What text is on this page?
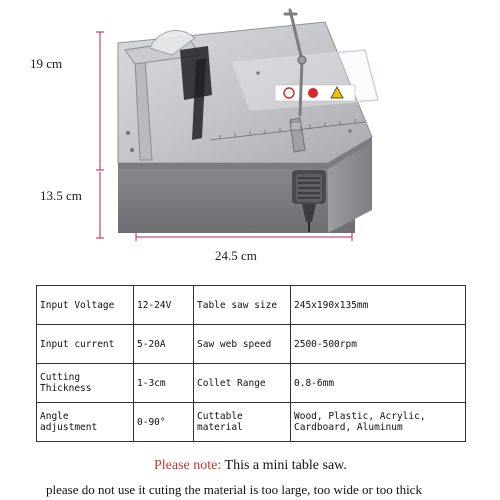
19 cm
13.5 cm
24.5 cm
Input Voltage	12-24V	Table saw size	245x190x135mm
Input current	5-20A	Saw web speed	2500-500rpm
Cutting Thickness	1-3cm	Collet Range	0.8-6mm
Angle adjustment	0-90°	Cuttable material	Wood, Plastic, Acrylic, Cardboard, Aluminum
Please note: This a mini table saw.
please do not use it cuting the material is too large, too wide or too thick
